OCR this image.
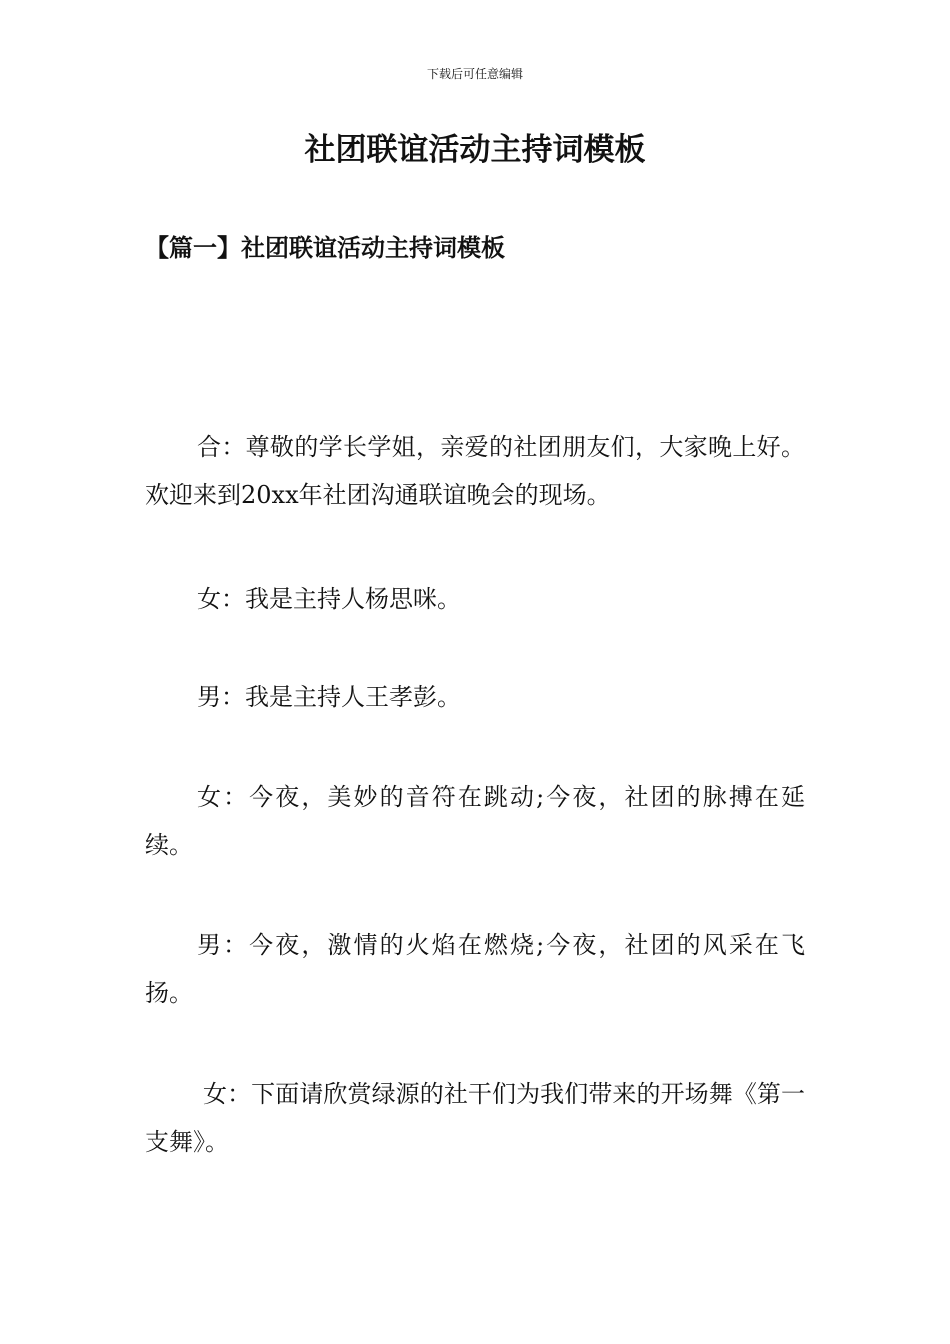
下载后可任意编辑
社团联谊活动主持词模板
【篇一】社团联谊活动主持词模板

合：尊敬的学长学姐，亲爱的社团朋友们，大家晚上好。欢迎来到20xx年社团沟通联谊晚会的现场。

女：我是主持人杨思咪。

男：我是主持人王孝彭。

女：今夜，美妙的音符在跳动;今夜，社团的脉搏在延续。

男：今夜，激情的火焰在燃烧;今夜，社团的风采在飞扬。

女：下面请欣赏绿源的社干们为我们带来的开场舞《第一支舞》。
